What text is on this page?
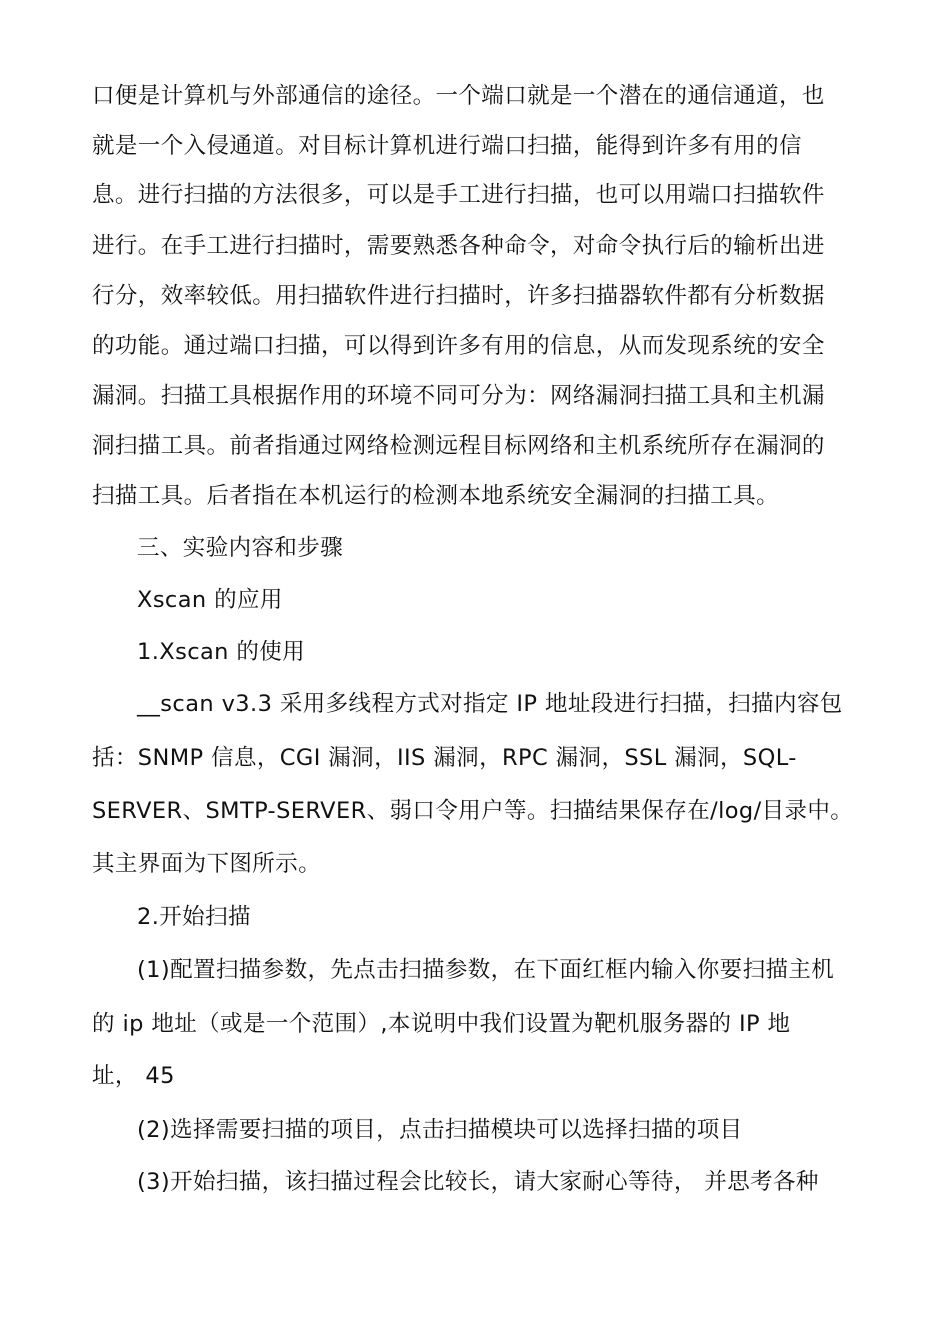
口便是计算机与外部通信的途径。一个端口就是一个潜在的通信通道，也
就是一个入侵通道。对目标计算机进行端口扫描，能得到许多有用的信
息。进行扫描的方法很多，可以是手工进行扫描，也可以用端口扫描软件
进行。在手工进行扫描时，需要熟悉各种命令，对命令执行后的输析出进
行分，效率较低。用扫描软件进行扫描时，许多扫描器软件都有分析数据
的功能。通过端口扫描，可以得到许多有用的信息，从而发现系统的安全
漏洞。扫描工具根据作用的环境不同可分为：网络漏洞扫描工具和主机漏
洞扫描工具。前者指通过网络检测远程目标网络和主机系统所存在漏洞的
扫描工具。后者指在本机运行的检测本地系统安全漏洞的扫描工具。
三、实验内容和步骤
Xscan 的应用
1.Xscan 的使用
__scan v3.3 采用多线程方式对指定 IP 地址段进行扫描，扫描内容包
括：SNMP 信息，CGI 漏洞，IIS 漏洞，RPC 漏洞，SSL 漏洞，SQL-
SERVER、SMTP-SERVER、弱口令用户等。扫描结果保存在/log/目录中。
其主界面为下图所示。
2.开始扫描
(1)配置扫描参数，先点击扫描参数，在下面红框内输入你要扫描主机
的 ip 地址（或是一个范围）,本说明中我们设置为靶机服务器的 IP 地
址， 45
(2)选择需要扫描的项目，点击扫描模块可以选择扫描的项目
(3)开始扫描，该扫描过程会比较长，请大家耐心等待， 并思考各种
